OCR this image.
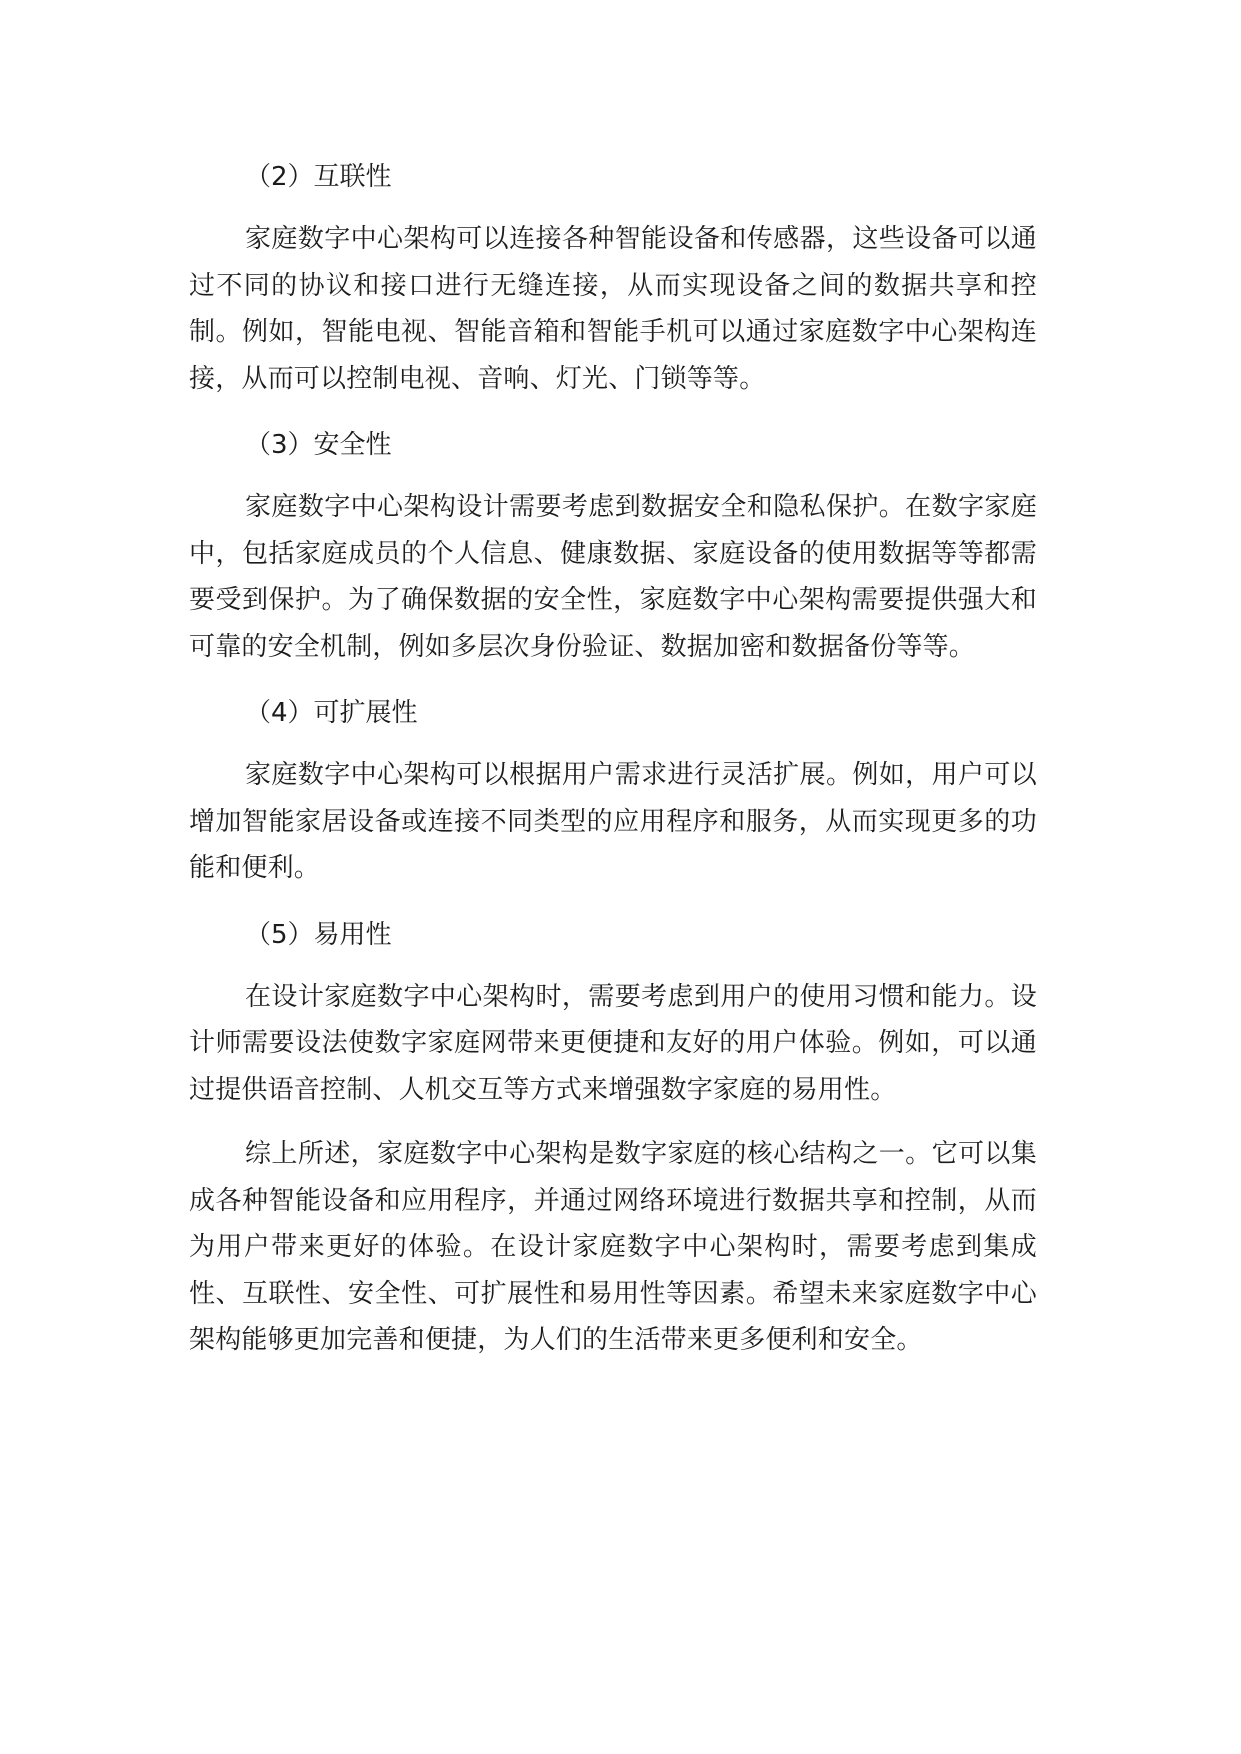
（2）互联性

家庭数字中心架构可以连接各种智能设备和传感器，这些设备可以通过不同的协议和接口进行无缝连接，从而实现设备之间的数据共享和控制。例如，智能电视、智能音箱和智能手机可以通过家庭数字中心架构连接，从而可以控制电视、音响、灯光、门锁等等。

（3）安全性

家庭数字中心架构设计需要考虑到数据安全和隐私保护。在数字家庭中，包括家庭成员的个人信息、健康数据、家庭设备的使用数据等等都需要受到保护。为了确保数据的安全性，家庭数字中心架构需要提供强大和可靠的安全机制，例如多层次身份验证、数据加密和数据备份等等。

（4）可扩展性

家庭数字中心架构可以根据用户需求进行灵活扩展。例如，用户可以增加智能家居设备或连接不同类型的应用程序和服务，从而实现更多的功能和便利。

（5）易用性

在设计家庭数字中心架构时，需要考虑到用户的使用习惯和能力。设计师需要设法使数字家庭网带来更便捷和友好的用户体验。例如，可以通过提供语音控制、人机交互等方式来增强数字家庭的易用性。

综上所述，家庭数字中心架构是数字家庭的核心结构之一。它可以集成各种智能设备和应用程序，并通过网络环境进行数据共享和控制，从而为用户带来更好的体验。在设计家庭数字中心架构时，需要考虑到集成性、互联性、安全性、可扩展性和易用性等因素。希望未来家庭数字中心架构能够更加完善和便捷，为人们的生活带来更多便利和安全。
